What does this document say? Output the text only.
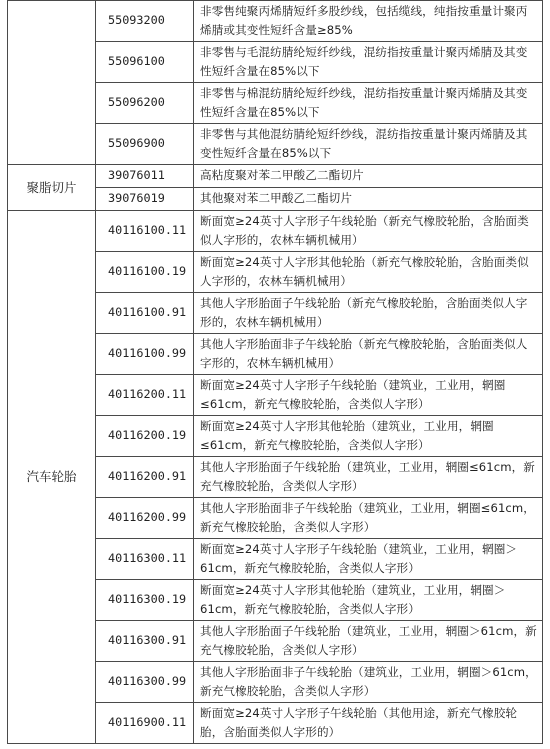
	55093200	非零售纯聚丙烯腈短纤多股纱线，包括缆线，纯指按重量计聚丙烯腈或其变性短纤含量≥85%
	55096100	非零售与毛混纺腈纶短纤纱线，混纺指按重量计聚丙烯腈及其变性短纤含量在85%以下
	55096200	非零售与棉混纺腈纶短纤纱线，混纺指按重量计聚丙烯腈及其变性短纤含量在85%以下
	55096900	非零售与其他混纺腈纶短纤纱线，混纺指按重量计聚丙烯腈及其变性短纤含量在85%以下
聚脂切片	39076011	高粘度聚对苯二甲酸乙二酯切片
	39076019	其他聚对苯二甲酸乙二酯切片
汽车轮胎	40116100.11	断面宽≥24英寸人字形子午线轮胎（新充气橡胶轮胎，含胎面类似人字形的，农林车辆机械用）
	40116100.19	断面宽≥24英寸人字形其他轮胎（新充气橡胶轮胎，含胎面类似人字形的，农林车辆机械用）
	40116100.91	其他人字形胎面子午线轮胎（新充气橡胶轮胎，含胎面类似人字形的，农林车辆机械用）
	40116100.99	其他人字形胎面非子午线轮胎（新充气橡胶轮胎，含胎面类似人字形的，农林车辆机械用）
	40116200.11	断面宽≥24英寸人字形子午线轮胎（建筑业，工业用，辋圈≤61cm，新充气橡胶轮胎，含类似人字形）
	40116200.19	断面宽≥24英寸人字形其他轮胎（建筑业，工业用，辋圈≤61cm，新充气橡胶轮胎，含类似人字形）
	40116200.91	其他人字形胎面子午线轮胎（建筑业，工业用，辋圈≤61cm，新充气橡胶轮胎，含类似人字形）
	40116200.99	其他人字形胎面非子午线轮胎（建筑业，工业用，辋圈≤61cm，新充气橡胶轮胎，含类似人字形）
	40116300.11	断面宽≥24英寸人字形子午线轮胎（建筑业，工业用，辋圈＞61cm，新充气橡胶轮胎，含类似人字形）
	40116300.19	断面宽≥24英寸人字形其他轮胎（建筑业，工业用，辋圈＞61cm，新充气橡胶轮胎，含类似人字形）
	40116300.91	其他人字形胎面子午线轮胎（建筑业，工业用，辋圈＞61cm，新充气橡胶轮胎，含类似人字形）
	40116300.99	其他人字形胎面非子午线轮胎（建筑业，工业用，辋圈＞61cm，新充气橡胶轮胎，含类似人字形）
	40116900.11	断面宽≥24英寸人字形子午线轮胎（其他用途，新充气橡胶轮胎，含胎面类似人字形的）
